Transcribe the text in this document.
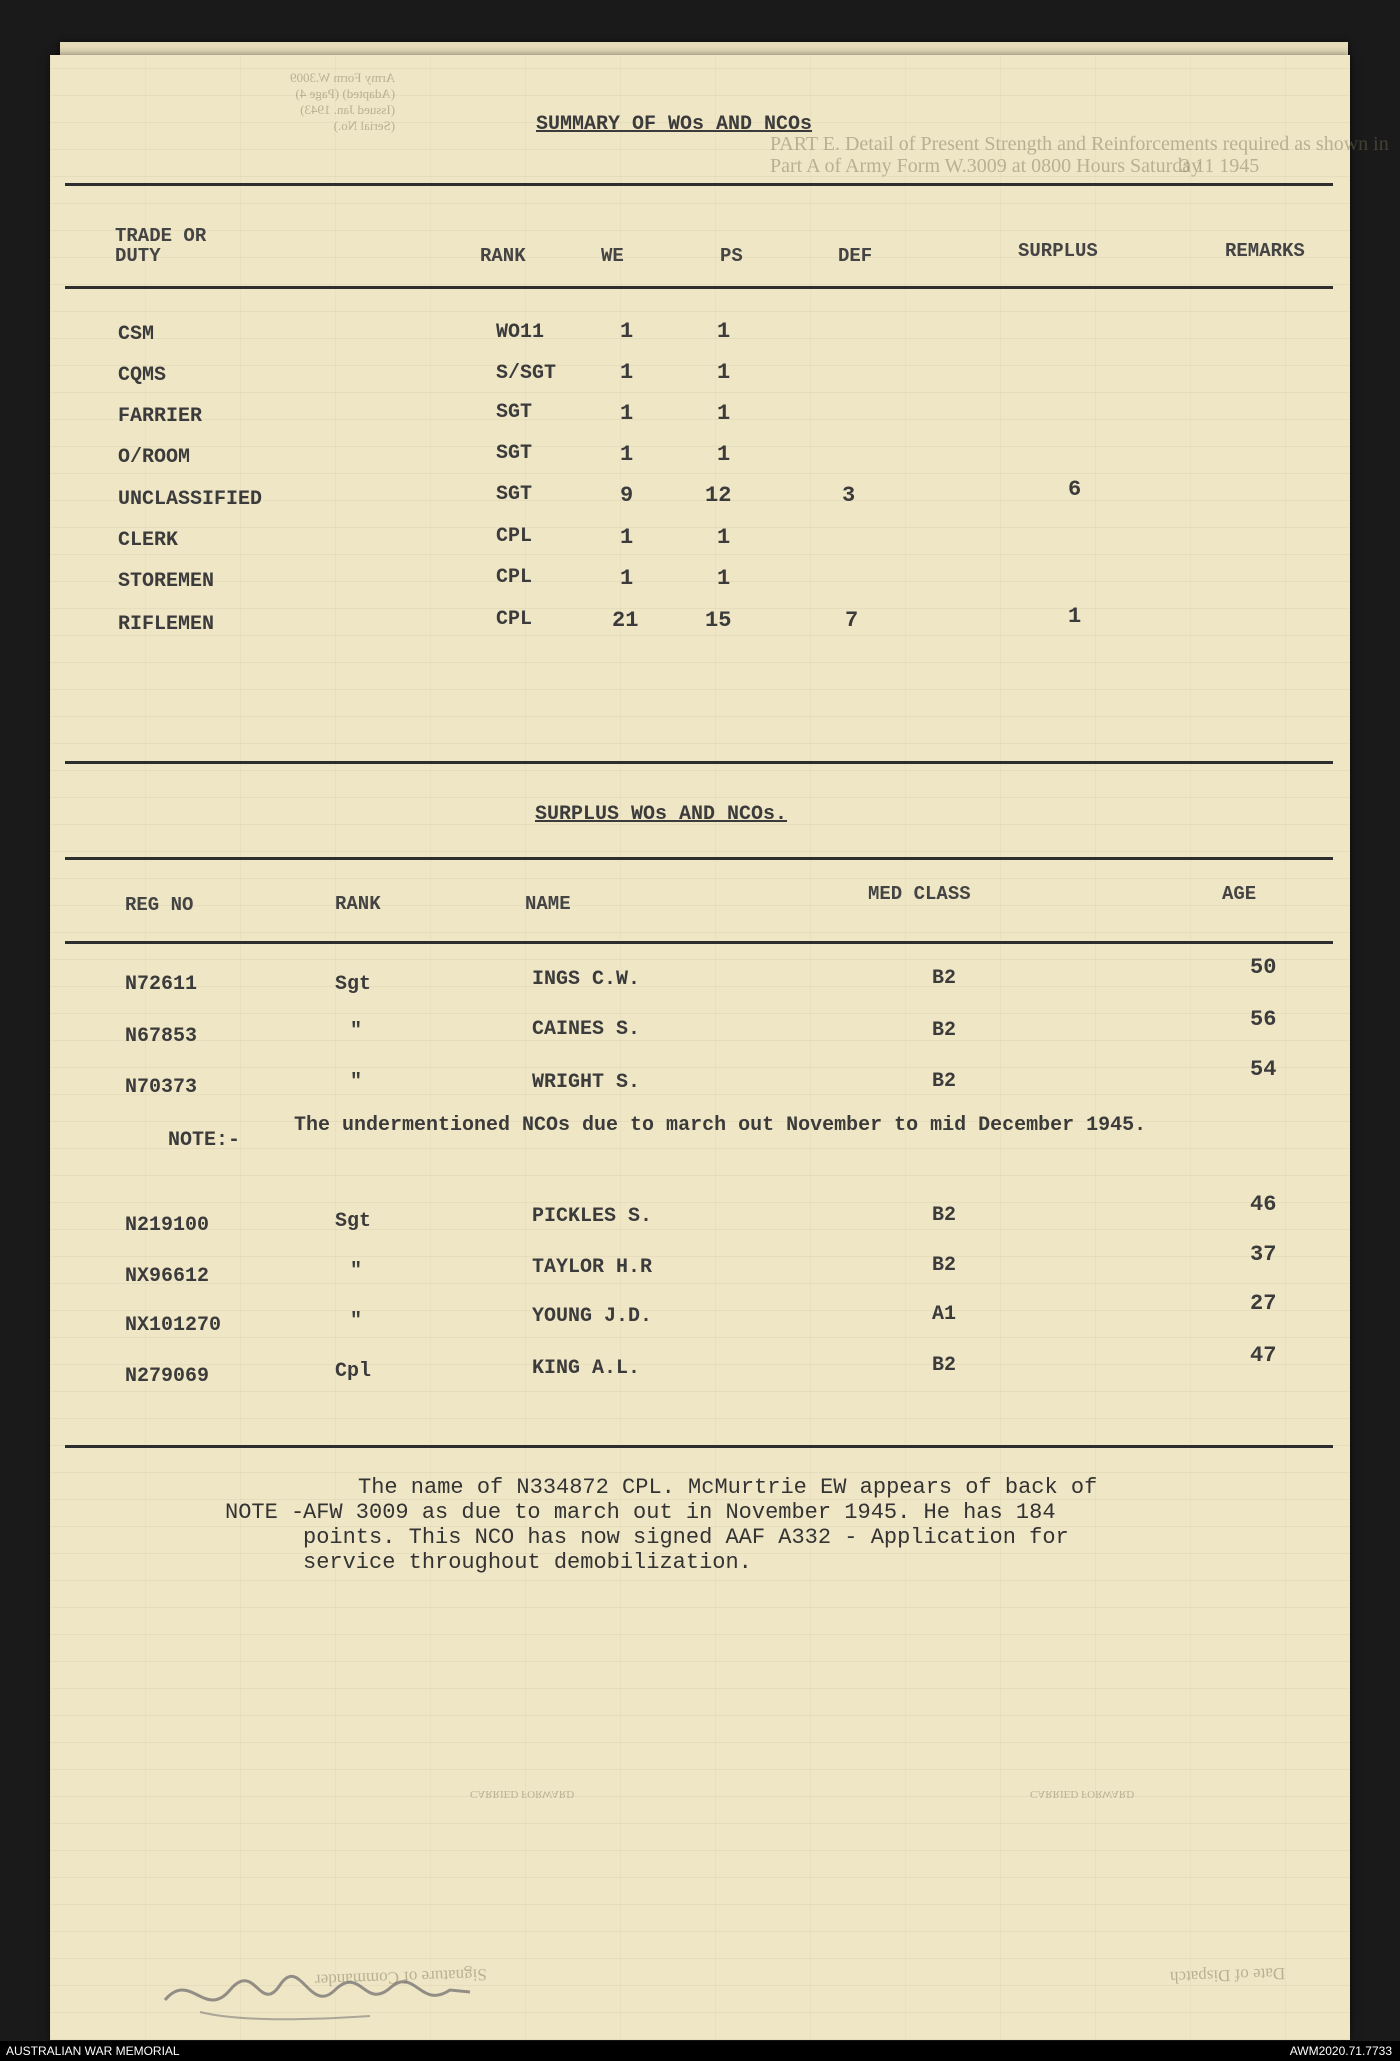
Army Form W.3009
(Adapted) (Page 4)
(Issued Jan. 1943)
(Serial No.)
PART E. Detail of Present Strength and Reinforcements required as shown in
Part A of Army Form W.3009 at 0800 Hours Saturday
3 11 1945
CARRIED FORWARD
CARRIED FORWARD
Signature of Commander	Date of Dispatch
SUMMARY OF WOs AND NCOs
TRADE OR DUTY	RANK	WE	PS	DEF	SURPLUS	REMARKS
CSM	WO11	1	1
CQMS	S/SGT	1	1
FARRIER	SGT	1	1
O/ROOM	SGT	1	1
UNCLASSIFIED	SGT	9	12	3	6
CLERK	CPL	1	1
STOREMEN	CPL	1	1
RIFLEMEN	CPL	21	15	7	1
SURPLUS WOs AND NCOs.
REG NO	RANK	NAME	MED CLASS	AGE
N72611	Sgt	INGS C.W.	B2	50
N67853	"	CAINES S.	B2	56
N70373	"	WRIGHT S.	B2	54
NOTE:-
The undermentioned NCOs due to march out November to mid December 1945.
N219100	Sgt	PICKLES S.	B2	46
NX96612	"	TAYLOR H.R	B2	37
NX101270	"	YOUNG J.D.	A1	27
N279069	Cpl	KING A.L.	B2	47
NOTE -
The name of N334872 CPL. McMurtrie EW appears of back of
AFW 3009 as due to march out in November 1945. He has 184
points. This NCO has now signed AAF A332 - Application for
service throughout demobilization.
AUSTRALIAN WAR MEMORIAL	AWM2020.71.7733
